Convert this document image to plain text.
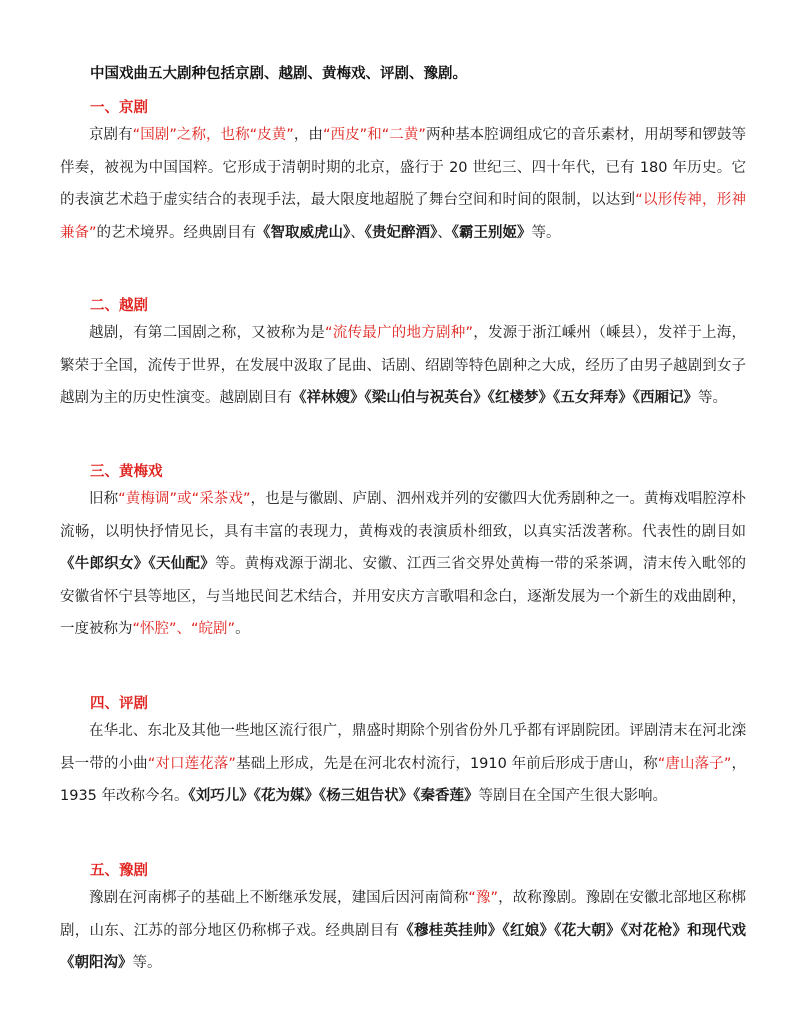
中国戏曲五大剧种包括京剧、越剧、黄梅戏、评剧、豫剧。
一、京剧

京剧有“国剧”之称，也称“皮黄”，由“西皮”和“二黄”两种基本腔调组成它的音乐素材，用胡琴和锣鼓等伴奏，被视为中国国粹。它形成于清朝时期的北京，盛行于 20 世纪三、四十年代，已有 180 年历史。它的表演艺术趋于虚实结合的表现手法，最大限度地超脱了舞台空间和时间的限制，以达到“以形传神，形神兼备”的艺术境界。经典剧目有《智取威虎山》、《贵妃醉酒》、《霸王别姬》等。

二、越剧

越剧，有第二国剧之称，又被称为是“流传最广的地方剧种”，发源于浙江嵊州（嵊县），发祥于上海，繁荣于全国，流传于世界，在发展中汲取了昆曲、话剧、绍剧等特色剧种之大成，经历了由男子越剧到女子越剧为主的历史性演变。越剧剧目有《祥林嫂》《梁山伯与祝英台》《红楼梦》《五女拜寿》《西厢记》等。

三、黄梅戏

旧称“黄梅调”或“采茶戏”，也是与徽剧、庐剧、泗州戏并列的安徽四大优秀剧种之一。黄梅戏唱腔淳朴流畅，以明快抒情见长，具有丰富的表现力，黄梅戏的表演质朴细致，以真实活泼著称。代表性的剧目如《牛郎织女》《天仙配》等。黄梅戏源于湖北、安徽、江西三省交界处黄梅一带的采茶调，清末传入毗邻的安徽省怀宁县等地区，与当地民间艺术结合，并用安庆方言歌唱和念白，逐渐发展为一个新生的戏曲剧种，一度被称为“怀腔”、“皖剧”。

四、评剧

在华北、东北及其他一些地区流行很广，鼎盛时期除个别省份外几乎都有评剧院团。评剧清末在河北滦县一带的小曲“对口莲花落”基础上形成，先是在河北农村流行，1910 年前后形成于唐山，称“唐山落子”，1935 年改称今名。《刘巧儿》《花为媒》《杨三姐告状》《秦香莲》等剧目在全国产生很大影响。

五、豫剧

豫剧在河南梆子的基础上不断继承发展，建国后因河南简称“豫”，故称豫剧。豫剧在安徽北部地区称梆剧，山东、江苏的部分地区仍称梆子戏。经典剧目有《穆桂英挂帅》《红娘》《花大朝》《对花枪》和现代戏《朝阳沟》等。
